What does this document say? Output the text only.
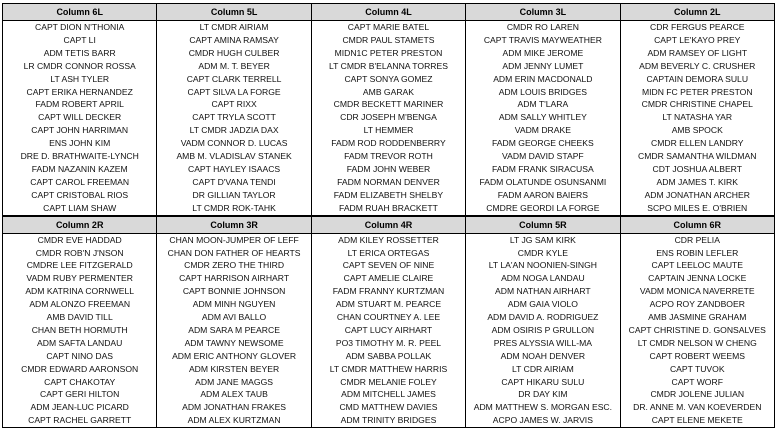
Column 6L	Column 5L	Column 4L	Column 3L	Column 2L
CAPT DION N'THONIA	LT CMDR AIRIAM	CAPT MARIE BATEL	CMDR RO LAREN	CDR FERGUS PEARCE
CAPT LI	CAPT AMINA RAMSAY	CMDR PAUL STAMETS	CAPT TRAVIS MAYWEATHER	CAPT LE'KAYO PREY
ADM TETIS BARR	CMDR HUGH CULBER	MIDN1C PETER PRESTON	ADM MIKE JEROME	ADM RAMSEY OF LIGHT
LR CMDR CONNOR ROSSA	ADM M. T. BEYER	LT CMDR B'ELANNA TORRES	ADM JENNY LUMET	ADM BEVERLY C. CRUSHER
LT ASH TYLER	CAPT CLARK TERRELL	CAPT SONYA GOMEZ	ADM ERIN MACDONALD	CAPTAIN DEMORA SULU
CAPT ERIKA HERNANDEZ	CAPT SILVA LA FORGE	AMB GARAK	ADM LOUIS BRIDGES	MIDN FC PETER PRESTON
FADM ROBERT APRIL	CAPT RIXX	CMDR BECKETT MARINER	ADM T'LARA	CMDR CHRISTINE CHAPEL
CAPT WILL DECKER	CAPT TRYLA SCOTT	CDR JOSEPH M'BENGA	ADM SALLY WHITLEY	LT NATASHA YAR
CAPT JOHN HARRIMAN	LT CMDR JADZIA DAX	LT HEMMER	VADM DRAKE	AMB SPOCK
ENS JOHN KIM	VADM CONNOR D. LUCAS	FADM ROD RODDENBERRY	FADM GEORGE CHEEKS	CMDR ELLEN LANDRY
DRE D. BRATHWAITE-LYNCH	AMB M. VLADISLAV STANEK	FADM TREVOR ROTH	VADM DAVID STAPF	CMDR SAMANTHA WILDMAN
FADM NAZANIN KAZEM	CAPT HAYLEY ISAACS	FADM JOHN WEBER	FADM FRANK SIRACUSA	CDT JOSHUA ALBERT
CAPT CAROL FREEMAN	CAPT D'VANA TENDI	FADM NORMAN DENVER	FADM OLATUNDE OSUNSANMI	ADM JAMES T. KIRK
CAPT CRISTOBAL RIOS	DR GILLIAN TAYLOR	FADM ELIZABETH SHELBY	FADM AARON BAIERS	ADM JONATHAN ARCHER
CAPT LIAM SHAW	LT CMDR ROK-TAHK	FADM RUAH BRACKETT	CMDRE GEORDI LA FORGE	SCPO MILES E. O'BRIEN
Column 2R	Column 3R	Column 4R	Column 5R	Column 6R
CMDR EVE HADDAD	CHAN MOON-JUMPER OF LEFF	ADM KILEY ROSSETTER	LT JG SAM KIRK	CDR PELIA
CMDR ROB'N J'NSON	CHAN DON FATHER OF HEARTS	LT ERICA ORTEGAS	CMDR KYLE	ENS ROBIN LEFLER
CMDRE LEE FITZGERALD	CMDR ZERO THE THIRD	CAPT SEVEN OF NINE	LT LA'AN NOONIEN-SINGH	CAPT LEELOC MAUTE
VADM RUBY PERMENTER	CAPT HARRISON AIRHART	CAPT AMELIE CLAIRE	ADM NOGA LANDAU	CAPTAIN JENNA LOCKE
ADM KATRINA CORNWELL	CAPT BONNIE JOHNSON	FADM FRANNY KURTZMAN	ADM NATHAN AIRHART	VADM MONICA NAVERRETE
ADM ALONZO FREEMAN	ADM MINH NGUYEN	ADM STUART M. PEARCE	ADM GAIA VIOLO	ACPO ROY ZANDBOER
AMB DAVID TILL	ADM AVI BALLO	CHAN COURTNEY A. LEE	ADM DAVID A. RODRIGUEZ	AMB JASMINE GRAHAM
CHAN BETH HORMUTH	ADM SARA M PEARCE	CAPT LUCY AIRHART	ADM OSIRIS P GRULLON	CAPT CHRISTINE D. GONSALVES
ADM SAFTA LANDAU	ADM TAWNY NEWSOME	PO3 TIMOTHY M. R. PEEL	PRES ALYSSIA WILL-MA	LT CMDR NELSON W CHENG
CAPT NINO DAS	ADM ERIC ANTHONY GLOVER	ADM SABBA POLLAK	ADM NOAH DENVER	CAPT ROBERT WEEMS
CMDR EDWARD AARONSON	ADM KIRSTEN BEYER	LT CMDR MATTHEW HARRIS	LT CDR AIRIAM	CAPT TUVOK
CAPT CHAKOTAY	ADM JANE MAGGS	CMDR MELANIE FOLEY	CAPT HIKARU SULU	CAPT WORF
CAPT GERI HILTON	ADM ALEX TAUB	ADM MITCHELL JAMES	DR DAY KIM	CMDR JOLENE JULIAN
ADM JEAN-LUC PICARD	ADM JONATHAN FRAKES	CMD MATTHEW DAVIES	ADM MATTHEW S. MORGAN ESC.	DR. ANNE M. VAN KOEVERDEN
CAPT RACHEL GARRETT	ADM ALEX KURTZMAN	ADM TRINITY BRIDGES	ACPO JAMES W. JARVIS	CAPT ELENE MEKETE
